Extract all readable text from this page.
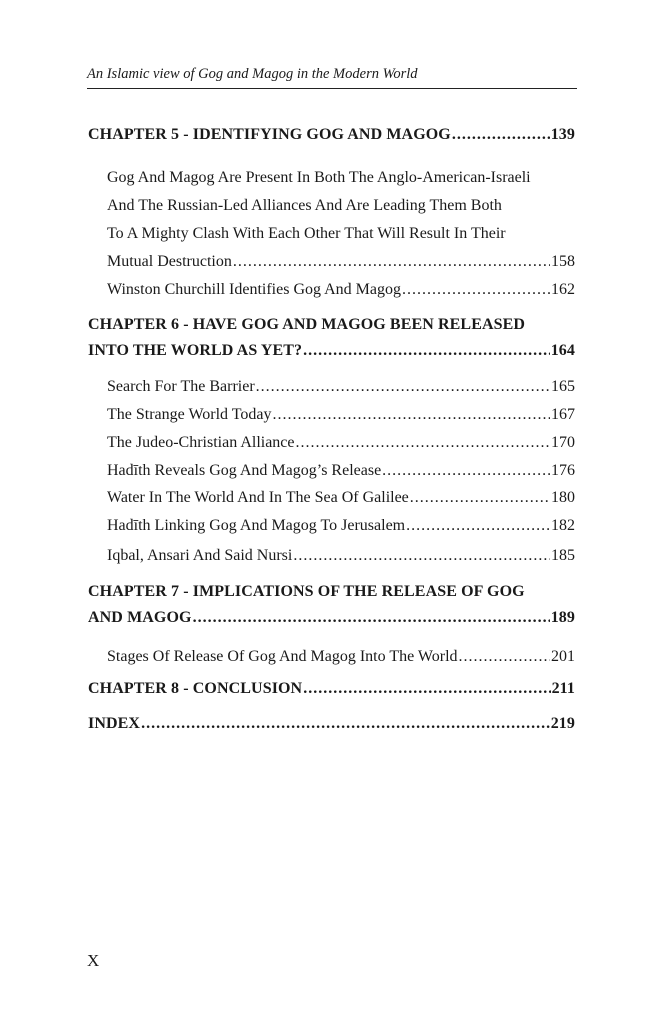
An Islamic view of Gog and Magog in the Modern World
CHAPTER 5 - IDENTIFYING GOG AND MAGOG .....	139
Gog And Magog Are Present In Both The Anglo-American-Israeli
And The Russian-Led Alliances And Are Leading Them Both
To A Mighty Clash With Each Other That Will Result In Their
Mutual Destruction .....	158
Winston Churchill Identifies Gog And Magog .....	162
CHAPTER 6 - HAVE GOG AND MAGOG BEEN RELEASED
INTO THE WORLD AS YET? .....	164
Search For The Barrier .....	165
The Strange World Today .....	167
The Judeo-Christian Alliance .....	170
Hadīth Reveals Gog And Magog’s Release .....	176
Water In The World And In The Sea Of Galilee .....	180
Hadīth Linking Gog And Magog To Jerusalem .....	182
Iqbal, Ansari And Said Nursi .....	185
CHAPTER 7 - IMPLICATIONS OF THE RELEASE OF GOG
AND MAGOG .....	189
Stages Of Release Of Gog And Magog Into The World .....	201
CHAPTER 8 - CONCLUSION .....	211
INDEX .....	219
X
